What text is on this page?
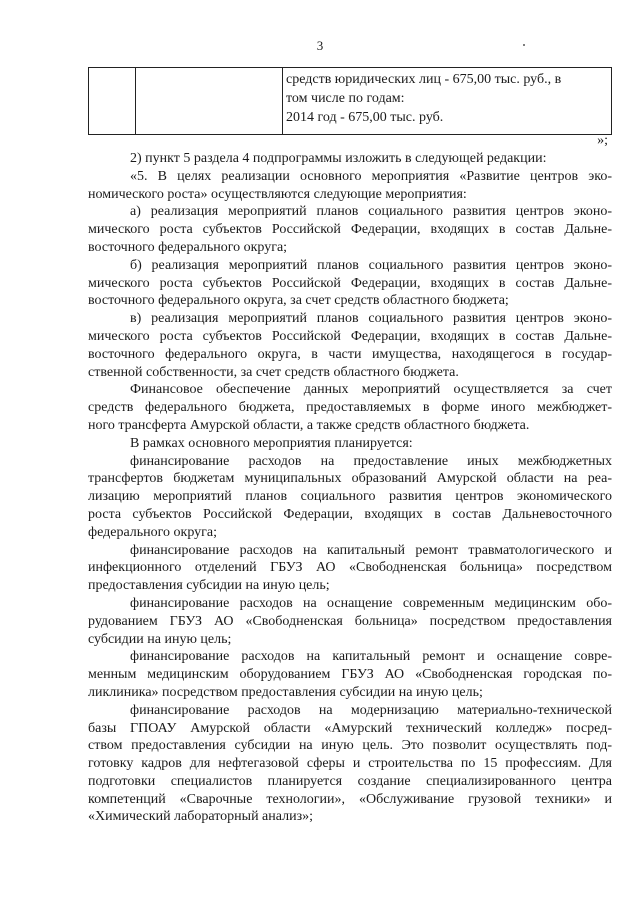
3

средств юридических лиц - 675,00 тыс. руб., в
том числе по годам:
2014 год - 675,00 тыс. руб.
»;
2) пункт 5 раздела 4 подпрограммы изложить в следующей редакции:
«5. В целях реализации основного мероприятия «Развитие центров эко-
номического роста» осуществляются следующие мероприятия:
а) реализация мероприятий планов социального развития центров эконо-
мического роста субъектов Российской Федерации, входящих в состав Дальне-
восточного федерального округа;
б) реализация мероприятий планов социального развития центров эконо-
мического роста субъектов Российской Федерации, входящих в состав Дальне-
восточного федерального округа, за счет средств областного бюджета;
в) реализация мероприятий планов социального развития центров эконо-
мического роста субъектов Российской Федерации, входящих в состав Дальне-
восточного федерального округа, в части имущества, находящегося в государ-
ственной собственности, за счет средств областного бюджета.
Финансовое обеспечение данных мероприятий осуществляется за счет
средств федерального бюджета, предоставляемых в форме иного межбюджет-
ного трансферта Амурской области, а также средств областного бюджета.
В рамках основного мероприятия планируется:
финансирование расходов на предоставление иных межбюджетных
трансфертов бюджетам муниципальных образований Амурской области на реа-
лизацию мероприятий планов социального развития центров экономического
роста субъектов Российской Федерации, входящих в состав Дальневосточного
федерального округа;
финансирование расходов на капитальный ремонт травматологического и
инфекционного отделений ГБУЗ АО «Свободненская больница» посредством
предоставления субсидии на иную цель;
финансирование расходов на оснащение современным медицинским обо-
рудованием ГБУЗ АО «Свободненская больница» посредством предоставления
субсидии на иную цель;
финансирование расходов на капитальный ремонт и оснащение совре-
менным медицинским оборудованием ГБУЗ АО «Свободненская городская по-
ликлиника» посредством предоставления субсидии на иную цель;
финансирование расходов на модернизацию материально-технической
базы ГПОАУ Амурской области «Амурский технический колледж» посред-
ством предоставления субсидии на иную цель. Это позволит осуществлять под-
готовку кадров для нефтегазовой сферы и строительства по 15 профессиям. Для
подготовки специалистов планируется создание специализированного центра
компетенций «Сварочные технологии», «Обслуживание грузовой техники» и
«Химический лабораторный анализ»;
